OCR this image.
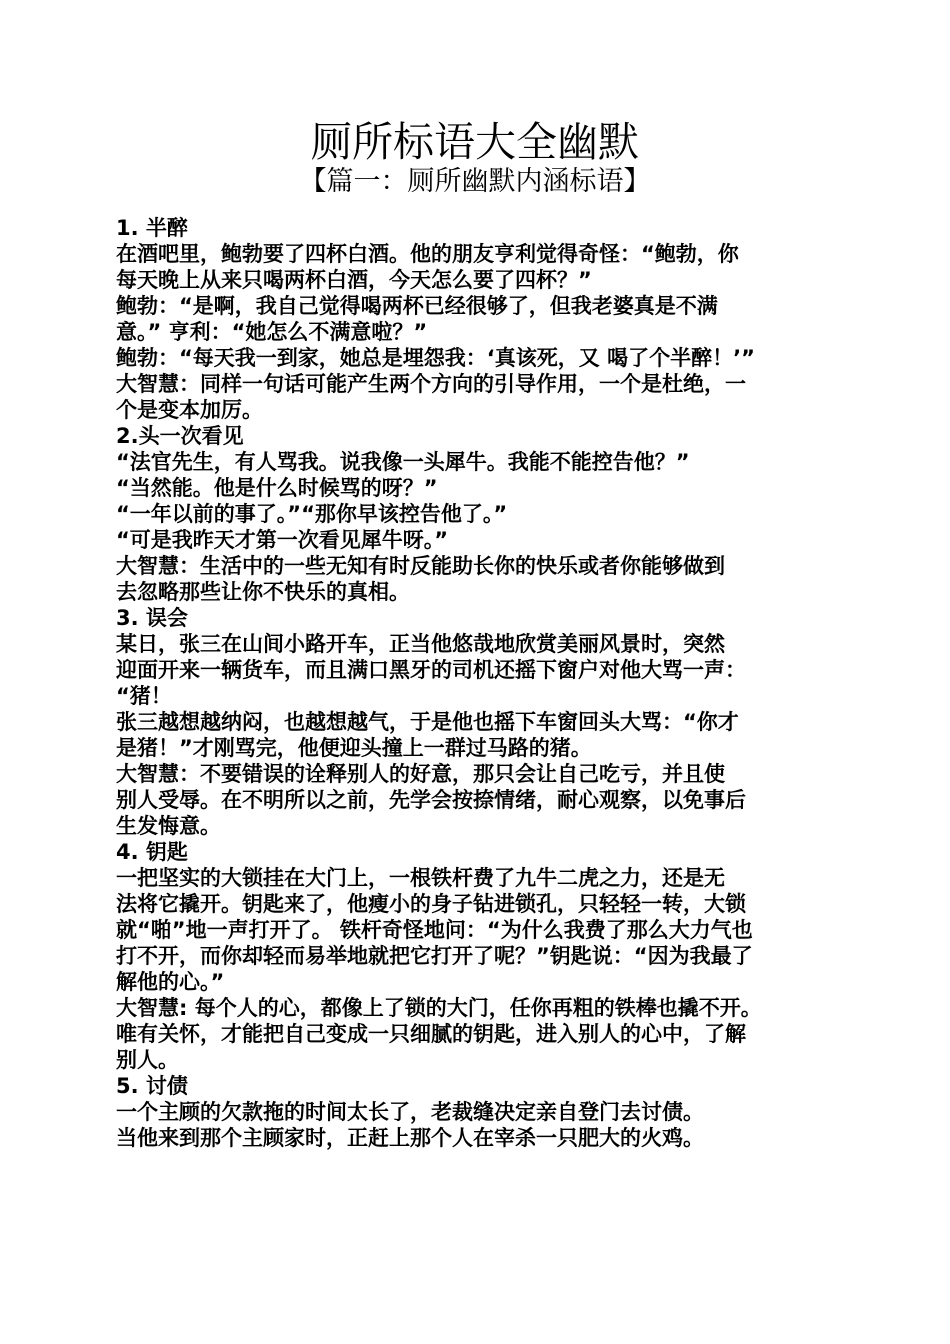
厕所标语大全幽默
【篇一：厕所幽默内涵标语】
1. 半醉
在酒吧里，鲍勃要了四杯白酒。他的朋友亨利觉得奇怪：“鲍勃，你
每天晚上从来只喝两杯白酒，今天怎么要了四杯？”
鲍勃：“是啊，我自己觉得喝两杯已经很够了，但我老婆真是不满
意。” 亨利：“她怎么不满意啦？”
鲍勃：“每天我一到家，她总是埋怨我：‘真该死，又 喝了个半醉！’”
大智慧：同样一句话可能产生两个方向的引导作用，一个是杜绝，一
个是变本加厉。
2.头一次看见
“法官先生，有人骂我。说我像一头犀牛。我能不能控告他？”
“当然能。他是什么时候骂的呀？”
“一年以前的事了。”“那你早该控告他了。”
“可是我昨天才第一次看见犀牛呀。”
大智慧：生活中的一些无知有时反能助长你的快乐或者你能够做到
去忽略那些让你不快乐的真相。
3. 误会
某日，张三在山间小路开车，正当他悠哉地欣赏美丽风景时，突然
迎面开来一辆货车，而且满口黑牙的司机还摇下窗户对他大骂一声：
“猪！
张三越想越纳闷，也越想越气，于是他也摇下车窗回头大骂：“你才
是猪！”才刚骂完，他便迎头撞上一群过马路的猪。
大智慧：不要错误的诠释别人的好意，那只会让自己吃亏，并且使
别人受辱。在不明所以之前，先学会按捺情绪，耐心观察，以免事后
生发悔意。
4. 钥匙
一把坚实的大锁挂在大门上，一根铁杆费了九牛二虎之力，还是无
法将它撬开。钥匙来了，他瘦小的身子钻进锁孔，只轻轻一转，大锁
就“啪”地一声打开了。 铁杆奇怪地问：“为什么我费了那么大力气也
打不开，而你却轻而易举地就把它打开了呢？”钥匙说：“因为我最了
解他的心。”
大智慧: 每个人的心，都像上了锁的大门，任你再粗的铁棒也撬不开。
唯有关怀，才能把自己变成一只细腻的钥匙，进入别人的心中，了解
别人。
5. 讨债
一个主顾的欠款拖的时间太长了，老裁缝决定亲自登门去讨债。
当他来到那个主顾家时，正赶上那个人在宰杀一只肥大的火鸡。
